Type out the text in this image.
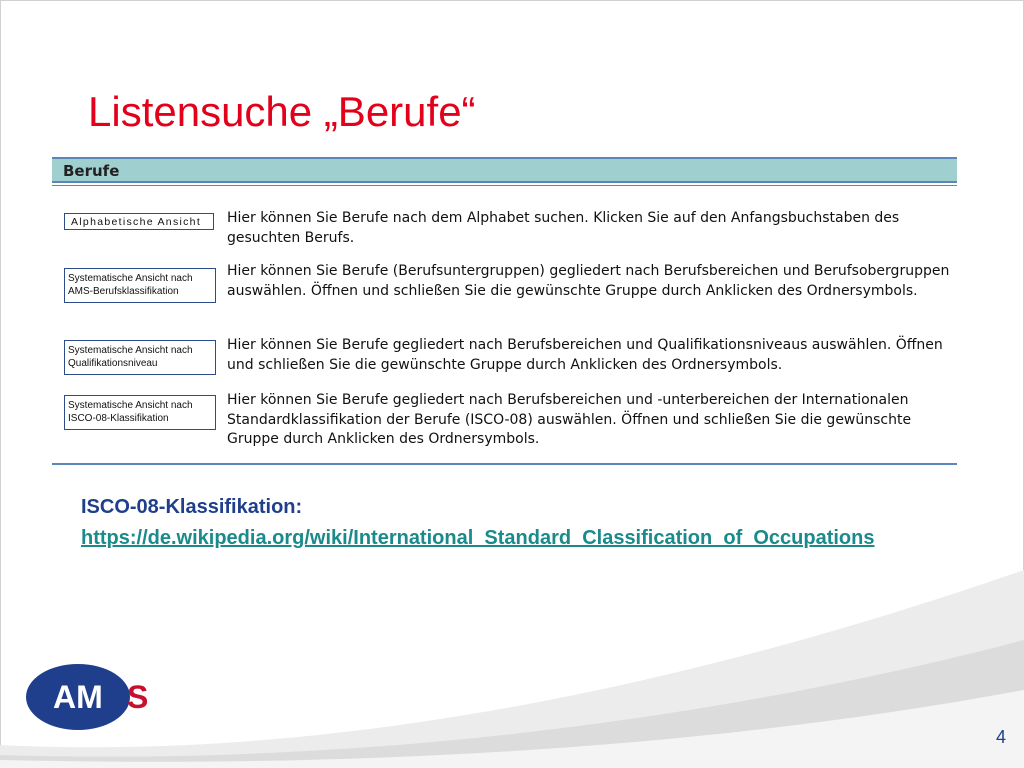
Listensuche „Berufe“
Berufe
Alphabetische Ansicht	Hier können Sie Berufe nach dem Alphabet suchen. Klicken Sie auf den Anfangsbuchstaben des gesuchten Berufs.
Systematische Ansicht nach AMS-Berufsklassifikation
Hier können Sie Berufe (Berufsuntergruppen) gegliedert nach Berufsbereichen und Berufsobergruppen auswählen. Öffnen und schließen Sie die gewünschte Gruppe durch Anklicken des Ordnersymbols.
Systematische Ansicht nach Qualifikationsniveau
Hier können Sie Berufe gegliedert nach Berufsbereichen und Qualifikationsniveaus auswählen. Öffnen und schließen Sie die gewünschte Gruppe durch Anklicken des Ordnersymbols.
Systematische Ansicht nach ISCO-08-Klassifikation
Hier können Sie Berufe gegliedert nach Berufsbereichen und -unterbereichen der Internationalen Standardklassifikation der Berufe (ISCO-08) auswählen. Öffnen und schließen Sie die gewünschte Gruppe durch Anklicken des Ordnersymbols.
ISCO-08-Klassifikation:
https://de.wikipedia.org/wiki/International_Standard_Classification_of_Occupations
AM S
4
